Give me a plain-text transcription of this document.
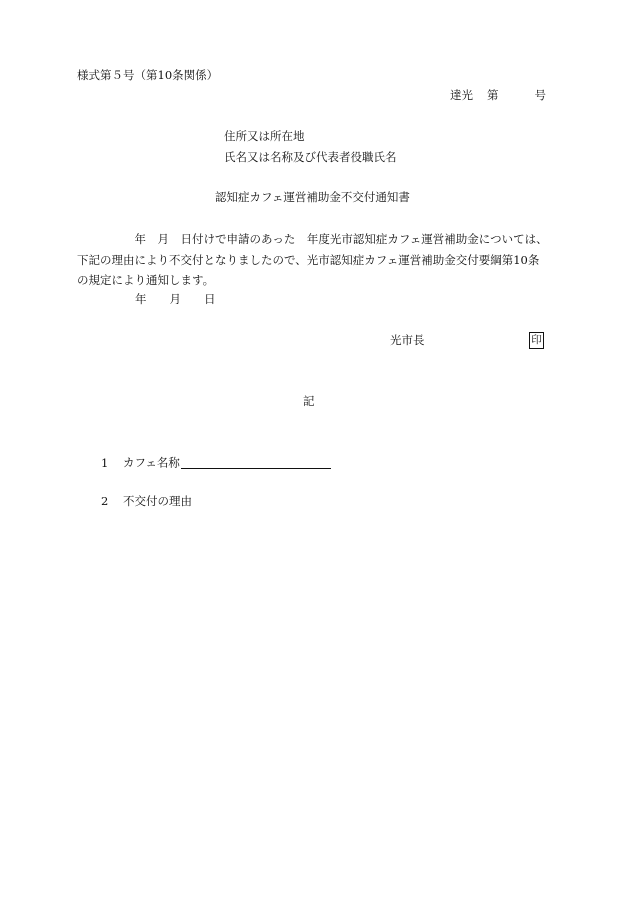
様式第５号（第10条関係）
達光 第	号
住所又は所在地
氏名又は名称及び代表者役職氏名
認知症カフェ運営補助金不交付通知書
　　　　　年　月　日付けで申請のあった　年度光市認知症カフェ運営補助金については、
下記の理由により不交付となりましたので、光市認知症カフェ運営補助金交付要綱第10条
の規定により通知します。
年　　月　　日
光市長	印
記
1 カフェ名称
2 不交付の理由
